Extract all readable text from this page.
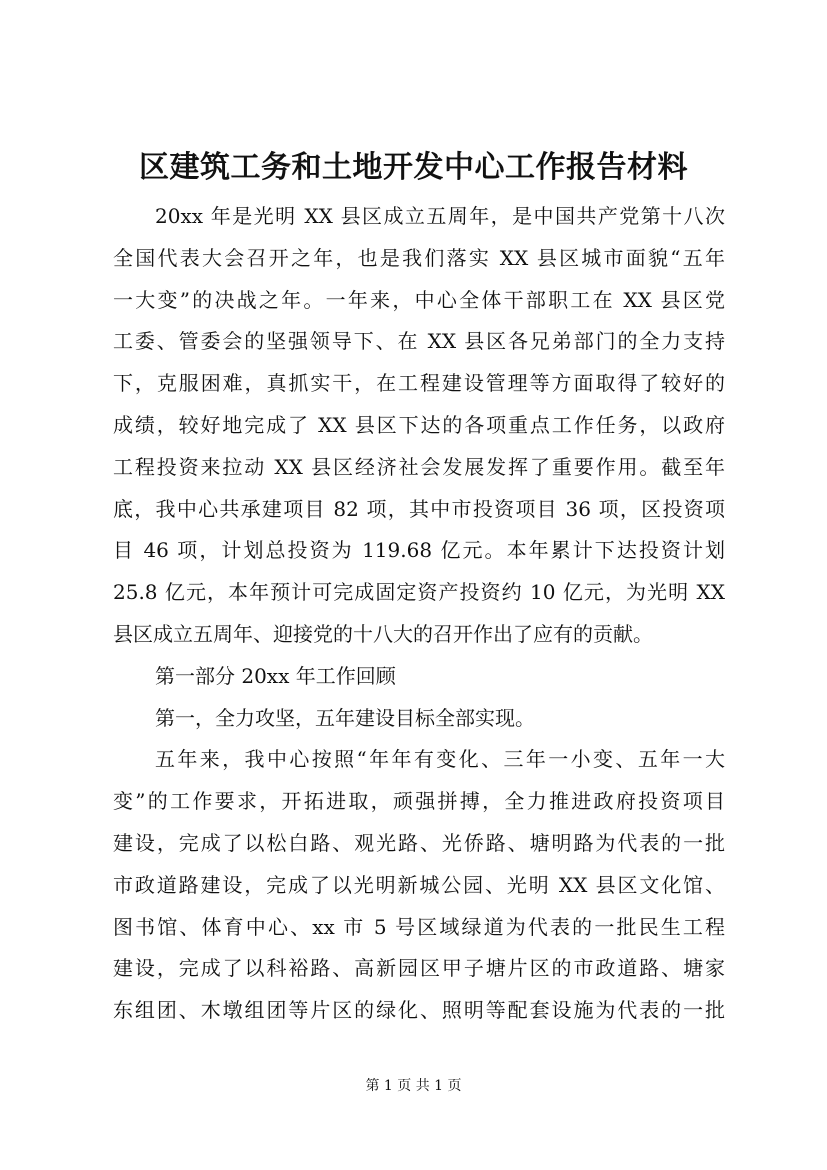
区建筑工务和土地开发中心工作报告材料
20xx 年是光明 XX 县区成立五周年，是中国共产党第十八次
全国代表大会召开之年，也是我们落实 XX 县区城市面貌“五年
一大变”的决战之年。一年来，中心全体干部职工在 XX 县区党
工委、管委会的坚强领导下、在 XX 县区各兄弟部门的全力支持
下，克服困难，真抓实干，在工程建设管理等方面取得了较好的
成绩，较好地完成了 XX 县区下达的各项重点工作任务，以政府
工程投资来拉动 XX 县区经济社会发展发挥了重要作用。截至年
底，我中心共承建项目 82 项，其中市投资项目 36 项，区投资项
目 46 项，计划总投资为 119.68 亿元。本年累计下达投资计划
25.8 亿元，本年预计可完成固定资产投资约 10 亿元，为光明 XX
县区成立五周年、迎接党的十八大的召开作出了应有的贡献。
第一部分 20xx 年工作回顾
第一，全力攻坚，五年建设目标全部实现。
五年来，我中心按照“年年有变化、三年一小变、五年一大
变”的工作要求，开拓进取，顽强拼搏，全力推进政府投资项目
建设，完成了以松白路、观光路、光侨路、塘明路为代表的一批
市政道路建设，完成了以光明新城公园、光明 XX 县区文化馆、
图书馆、体育中心、xx 市 5 号区域绿道为代表的一批民生工程
建设，完成了以科裕路、高新园区甲子塘片区的市政道路、塘家
东组团、木墩组团等片区的绿化、照明等配套设施为代表的一批
第 1 页 共 1 页
